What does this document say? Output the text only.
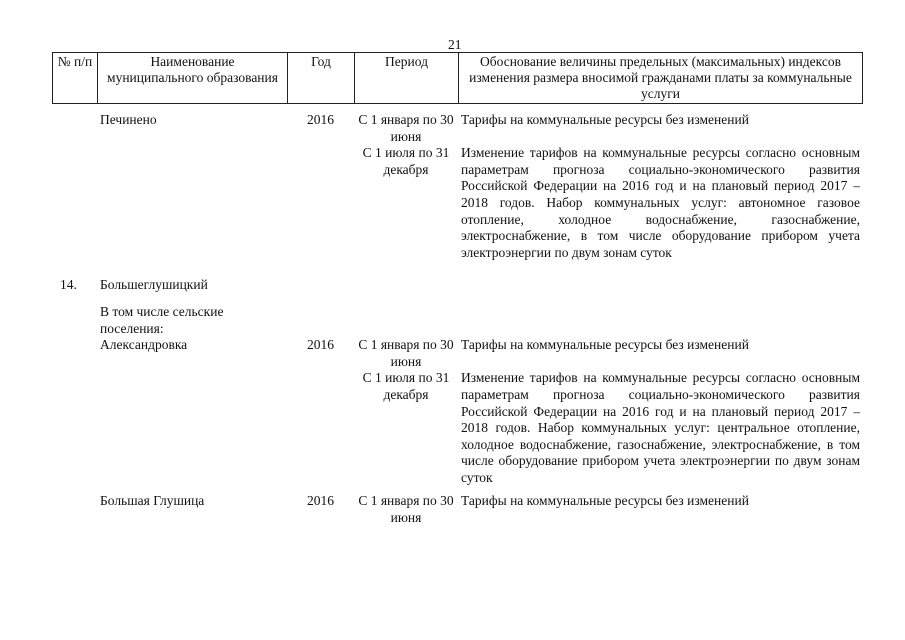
21
№ п/п	Наименование муниципального образования	Год	Период	Обоснование величины предельных (максимальных) индексов изменения размера вносимой гражданами платы за коммунальные услуги
	Печинено	2016	С 1 января по 30 июня	Тарифы на коммунальные ресурсы без изменений
			С 1 июля по 31 декабря	Изменение тарифов на коммунальные ресурсы согласно основным параметрам прогноза социально-экономического развития Российской Федерации на 2016 год и на плановый период 2017 – 2018 годов. Набор коммунальных услуг: автономное газовое отопление, холодное водоснабжение, газоснабжение, электроснабжение, в том числе оборудование прибором учета электроэнергии по двум зонам суток

14.	Большеглушицкий			

	В том числе сельские поселения:			
	Александровка	2016	С 1 января по 30 июня	Тарифы на коммунальные ресурсы без изменений
			С 1 июля по 31 декабря	Изменение тарифов на коммунальные ресурсы согласно основным параметрам прогноза социально-экономического развития Российской Федерации на 2016 год и на плановый период 2017 – 2018 годов. Набор коммунальных услуг: центральное отопление, холодное водоснабжение, газоснабжение, электроснабжение, в том числе оборудование прибором учета электроэнергии по двум зонам суток

	Большая Глушица	2016	С 1 января по 30 июня	Тарифы на коммунальные ресурсы без изменений
